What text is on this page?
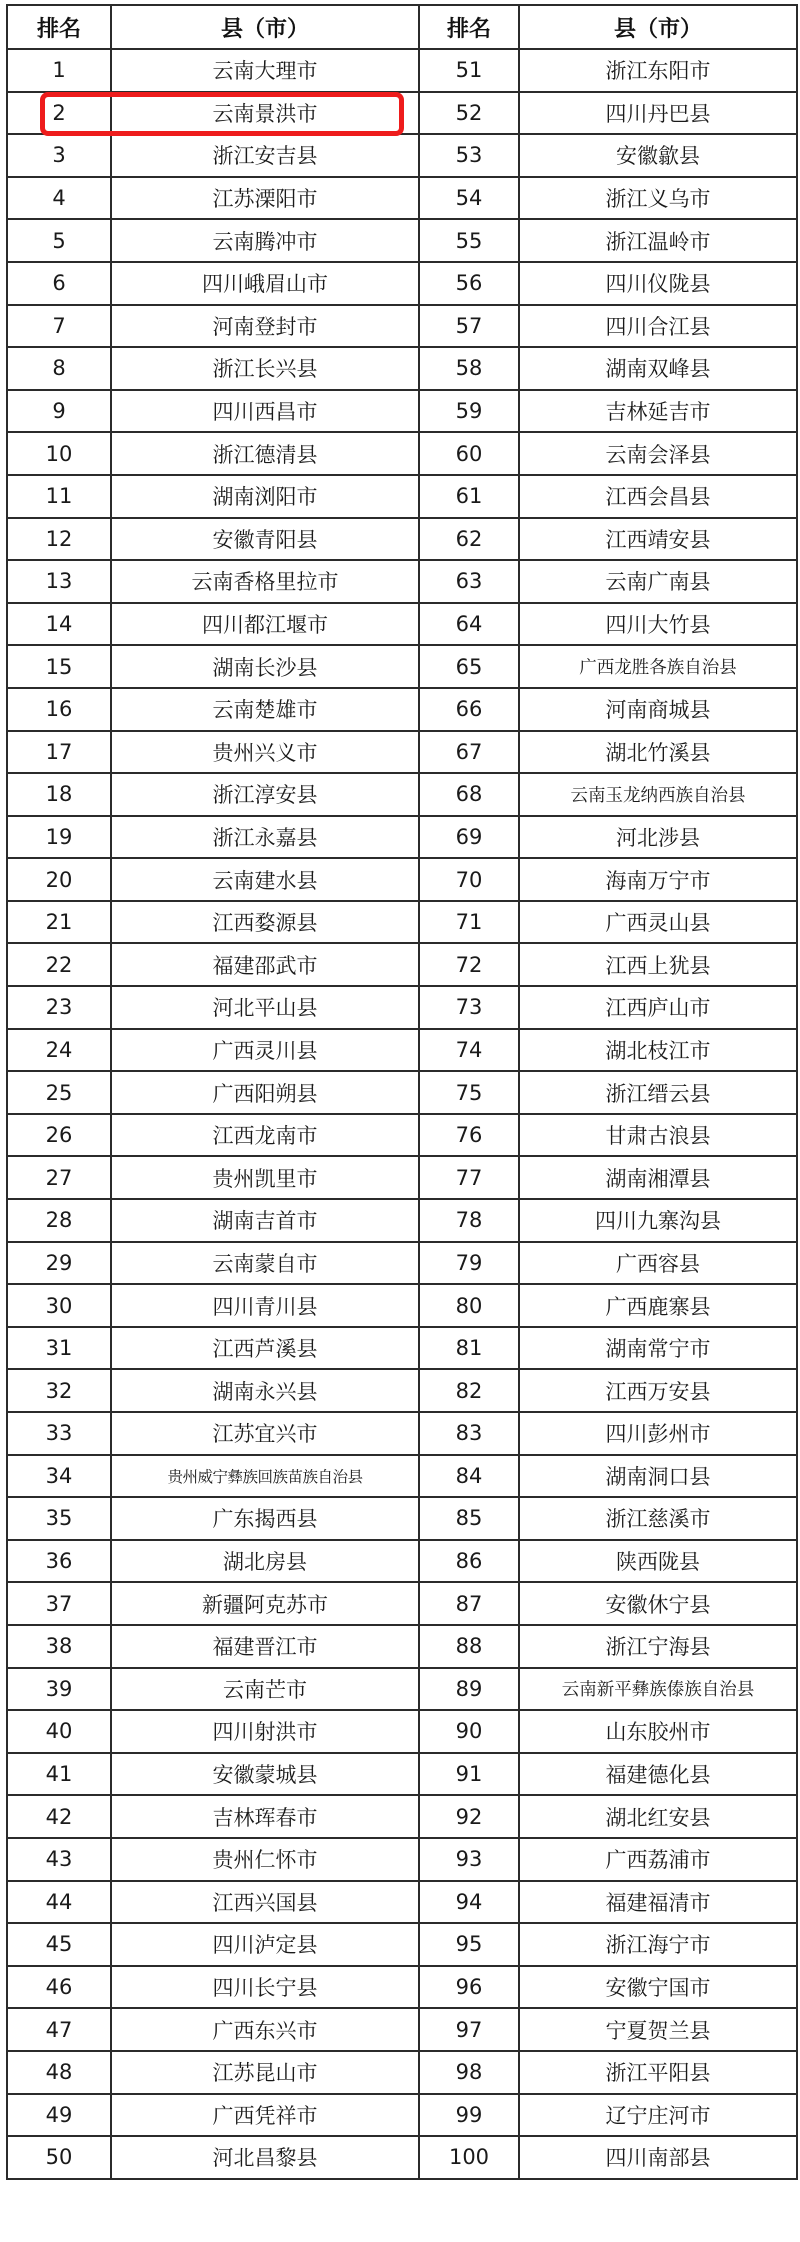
排名	县（市）	排名	县（市）
1	云南大理市	51	浙江东阳市
2	云南景洪市	52	四川丹巴县
3	浙江安吉县	53	安徽歙县
4	江苏溧阳市	54	浙江义乌市
5	云南腾冲市	55	浙江温岭市
6	四川峨眉山市	56	四川仪陇县
7	河南登封市	57	四川合江县
8	浙江长兴县	58	湖南双峰县
9	四川西昌市	59	吉林延吉市
10	浙江德清县	60	云南会泽县
11	湖南浏阳市	61	江西会昌县
12	安徽青阳县	62	江西靖安县
13	云南香格里拉市	63	云南广南县
14	四川都江堰市	64	四川大竹县
15	湖南长沙县	65	广西龙胜各族自治县
16	云南楚雄市	66	河南商城县
17	贵州兴义市	67	湖北竹溪县
18	浙江淳安县	68	云南玉龙纳西族自治县
19	浙江永嘉县	69	河北涉县
20	云南建水县	70	海南万宁市
21	江西婺源县	71	广西灵山县
22	福建邵武市	72	江西上犹县
23	河北平山县	73	江西庐山市
24	广西灵川县	74	湖北枝江市
25	广西阳朔县	75	浙江缙云县
26	江西龙南市	76	甘肃古浪县
27	贵州凯里市	77	湖南湘潭县
28	湖南吉首市	78	四川九寨沟县
29	云南蒙自市	79	广西容县
30	四川青川县	80	广西鹿寨县
31	江西芦溪县	81	湖南常宁市
32	湖南永兴县	82	江西万安县
33	江苏宜兴市	83	四川彭州市
34	贵州威宁彝族回族苗族自治县	84	湖南洞口县
35	广东揭西县	85	浙江慈溪市
36	湖北房县	86	陕西陇县
37	新疆阿克苏市	87	安徽休宁县
38	福建晋江市	88	浙江宁海县
39	云南芒市	89	云南新平彝族傣族自治县
40	四川射洪市	90	山东胶州市
41	安徽蒙城县	91	福建德化县
42	吉林珲春市	92	湖北红安县
43	贵州仁怀市	93	广西荔浦市
44	江西兴国县	94	福建福清市
45	四川泸定县	95	浙江海宁市
46	四川长宁县	96	安徽宁国市
47	广西东兴市	97	宁夏贺兰县
48	江苏昆山市	98	浙江平阳县
49	广西凭祥市	99	辽宁庄河市
50	河北昌黎县	100	四川南部县
